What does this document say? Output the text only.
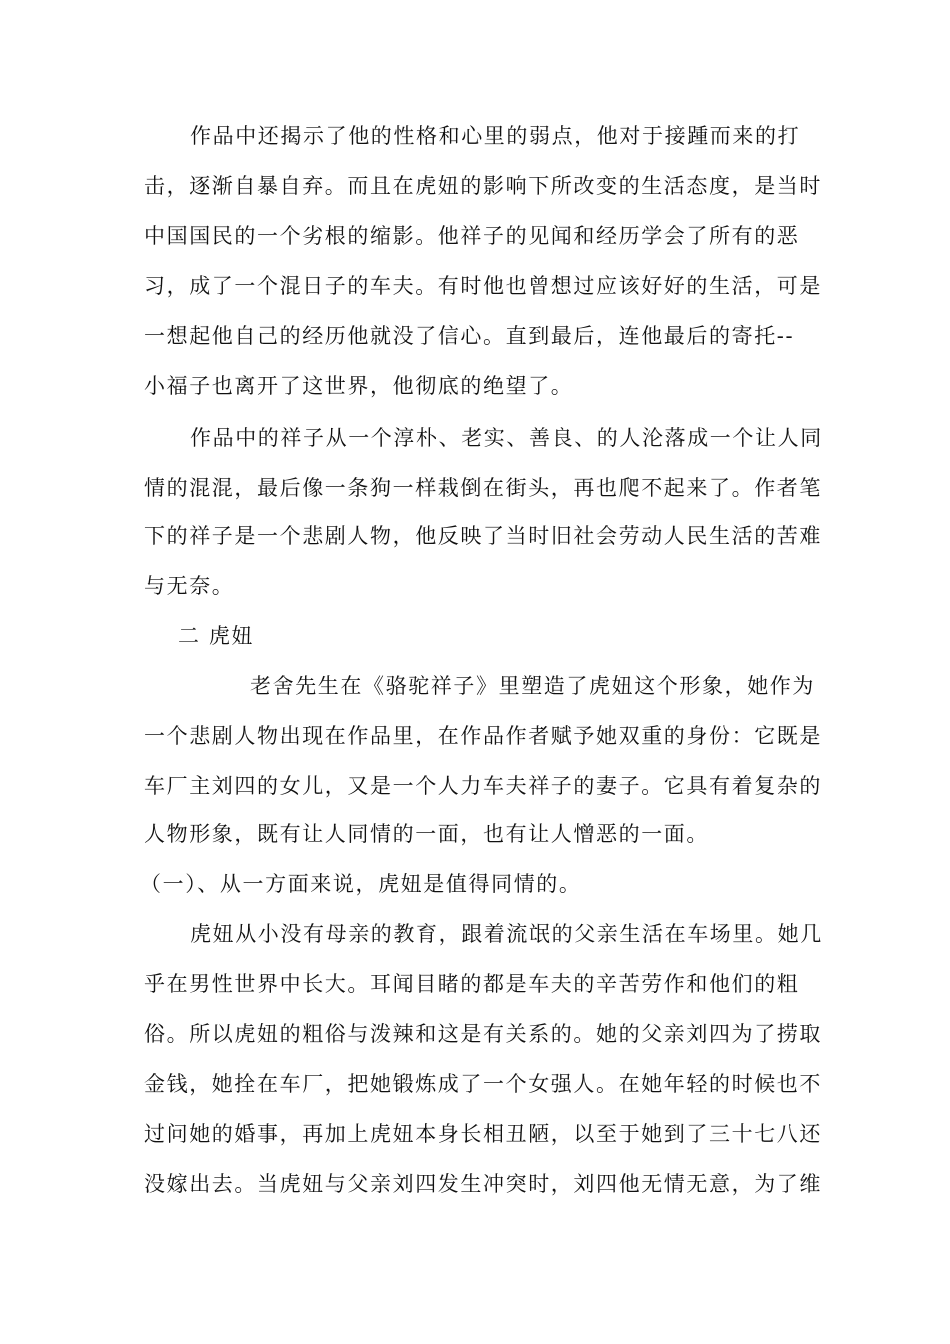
作品中还揭示了他的性格和心里的弱点，他对于接踵而来的打
击，逐渐自暴自弃。而且在虎妞的影响下所改变的生活态度，是当时
中国国民的一个劣根的缩影。他祥子的见闻和经历学会了所有的恶
习，成了一个混日子的车夫。有时他也曾想过应该好好的生活，可是
一想起他自己的经历他就没了信心。直到最后，连他最后的寄托--
小福子也离开了这世界，他彻底的绝望了。
作品中的祥子从一个淳朴、老实、善良、的人沦落成一个让人同
情的混混，最后像一条狗一样栽倒在街头，再也爬不起来了。作者笔
下的祥子是一个悲剧人物，他反映了当时旧社会劳动人民生活的苦难
与无奈。
二 虎妞
老舍先生在《骆驼祥子》里塑造了虎妞这个形象，她作为
一个悲剧人物出现在作品里，在作品作者赋予她双重的身份：它既是
车厂主刘四的女儿，又是一个人力车夫祥子的妻子。它具有着复杂的
人物形象，既有让人同情的一面，也有让人憎恶的一面。
（一）、从一方面来说，虎妞是值得同情的。
虎妞从小没有母亲的教育，跟着流氓的父亲生活在车场里。她几
乎在男性世界中长大。耳闻目睹的都是车夫的辛苦劳作和他们的粗
俗。所以虎妞的粗俗与泼辣和这是有关系的。她的父亲刘四为了捞取
金钱，她拴在车厂，把她锻炼成了一个女强人。在她年轻的时候也不
过问她的婚事，再加上虎妞本身长相丑陋，以至于她到了三十七八还
没嫁出去。当虎妞与父亲刘四发生冲突时，刘四他无情无意，为了维
